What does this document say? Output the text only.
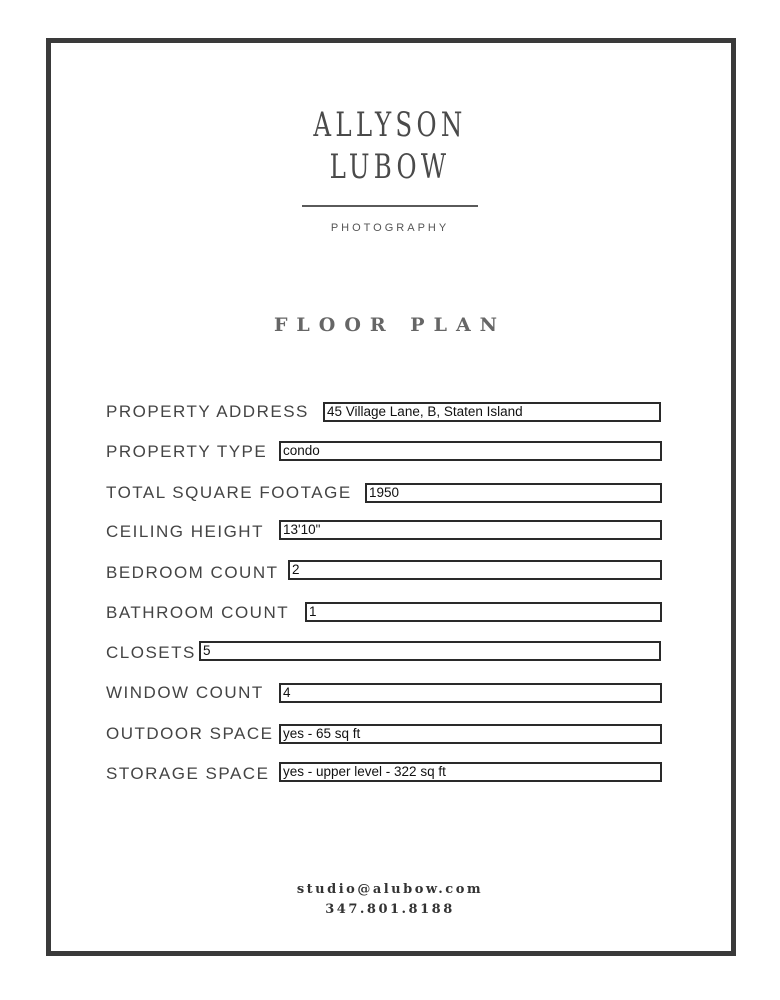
ALLYSON
LUBOW
PHOTOGRAPHY
FLOOR PLAN
PROPERTY ADDRESS 45 Village Lane, B, Staten Island
PROPERTY TYPE condo
TOTAL SQUARE FOOTAGE 1950
CEILING HEIGHT 13'10"
BEDROOM COUNT 2
BATHROOM COUNT 1
CLOSETS 5
WINDOW COUNT 4
OUTDOOR SPACE yes - 65 sq ft
STORAGE SPACE yes - upper level - 322 sq ft
studio@alubow.com
347.801.8188
